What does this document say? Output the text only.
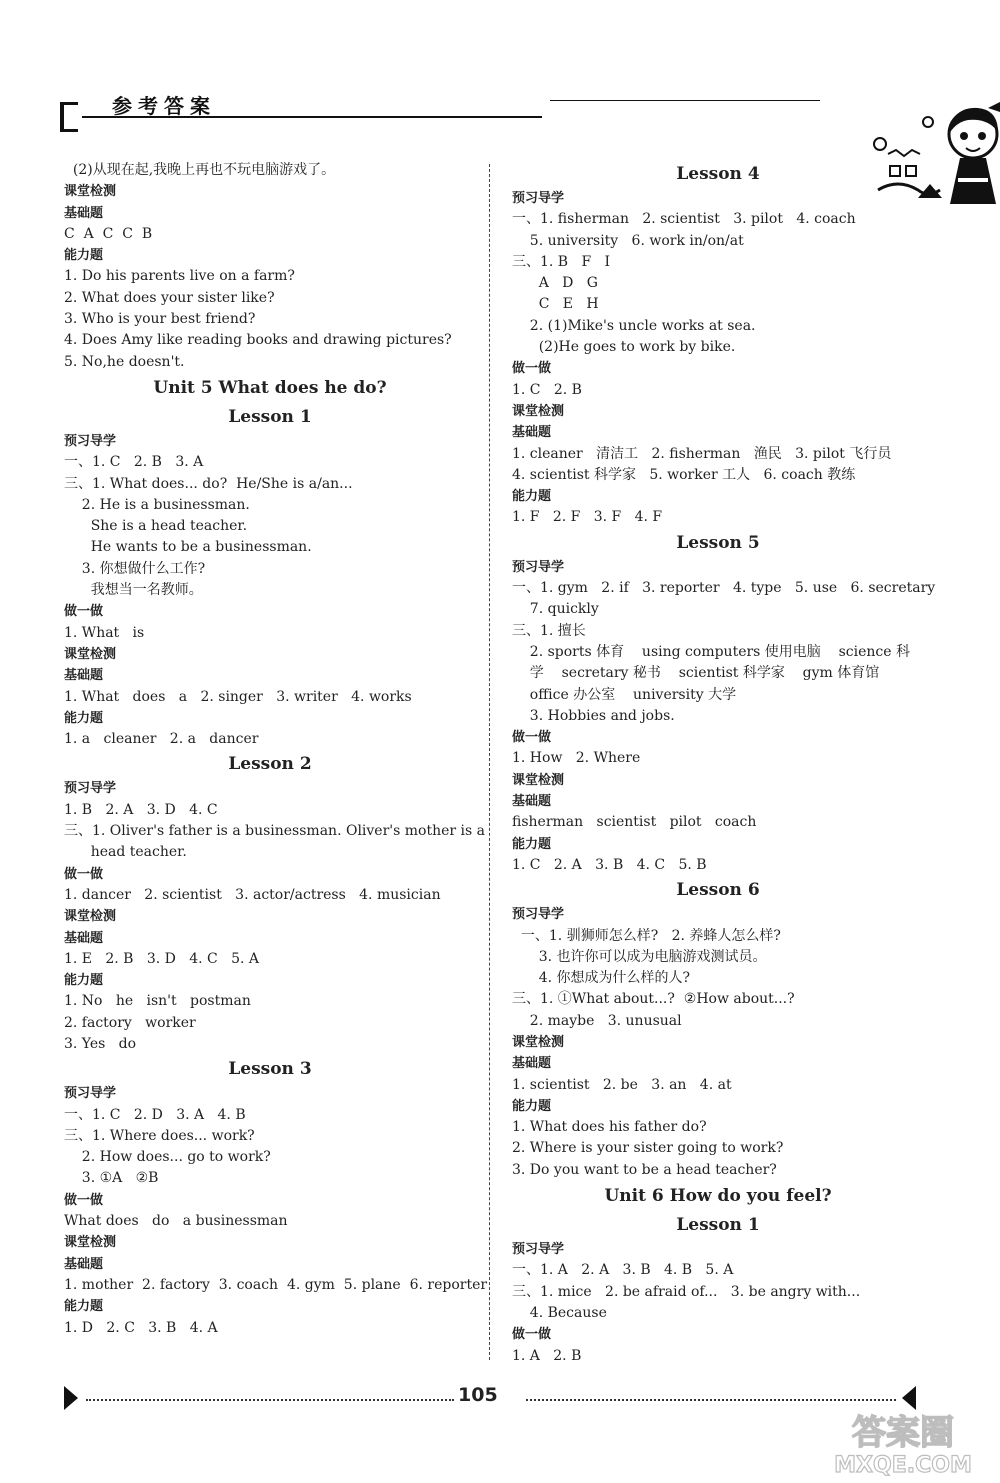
参考答案
(2)从现在起,我晚上再也不玩电脑游戏了。
课堂检测
基础题
C  A  C  C  B
能力题
1. Do his parents live on a farm?
2. What does your sister like?
3. Who is your best friend?
4. Does Amy like reading books and drawing pictures?
5. No,he doesn't.
Unit 5 What does he do?
Lesson 1
预习导学
一、1. C   2. B   3. A
三、1. What does... do?  He/She is a/an...
2. He is a businessman.
She is a head teacher.
He wants to be a businessman.
3. 你想做什么工作?
我想当一名教师。
做一做
1. What   is
课堂检测
基础题
1. What   does   a   2. singer   3. writer   4. works
能力题
1. a   cleaner   2. a   dancer
Lesson 2
预习导学
1. B   2. A   3. D   4. C
三、1. Oliver's father is a businessman. Oliver's mother is a
head teacher.
做一做
1. dancer   2. scientist   3. actor/actress   4. musician
课堂检测
基础题
1. E   2. B   3. D   4. C   5. A
能力题
1. No   he   isn't   postman
2. factory   worker
3. Yes   do
Lesson 3
预习导学
一、1. C   2. D   3. A   4. B
三、1. Where does... work?
2. How does... go to work?
3. ①A   ②B
做一做
What does   do   a businessman
课堂检测
基础题
1. mother  2. factory  3. coach  4. gym  5. plane  6. reporter
能力题
1. D   2. C   3. B   4. A
Lesson 4
预习导学
一、1. fisherman   2. scientist   3. pilot   4. coach
5. university   6. work in/on/at
三、1. B   F   I
A   D   G
C   E   H
2. (1)Mike's uncle works at sea.
(2)He goes to work by bike.
做一做
1. C   2. B
课堂检测
基础题
1. cleaner   清洁工   2. fisherman   渔民   3. pilot 飞行员
4. scientist 科学家   5. worker 工人   6. coach 教练
能力题
1. F   2. F   3. F   4. F
Lesson 5
预习导学
一、1. gym   2. if   3. reporter   4. type   5. use   6. secretary
7. quickly
三、1. 擅长
2. sports 体育    using computers 使用电脑    science 科
学    secretary 秘书    scientist 科学家    gym 体育馆
office 办公室    university 大学
3. Hobbies and jobs.
做一做
1. How   2. Where
课堂检测
基础题
fisherman   scientist   pilot   coach
能力题
1. C   2. A   3. B   4. C   5. B
Lesson 6
预习导学
一、1. 驯狮师怎么样?   2. 养蜂人怎么样?
3. 也许你可以成为电脑游戏测试员。
4. 你想成为什么样的人?
三、1. ①What about...?  ②How about...?
2. maybe   3. unusual
课堂检测
基础题
1. scientist   2. be   3. an   4. at
能力题
1. What does his father do?
2. Where is your sister going to work?
3. Do you want to be a head teacher?
Unit 6 How do you feel?
Lesson 1
预习导学
一、1. A   2. A   3. B   4. B   5. A
三、1. mice   2. be afraid of...   3. be angry with...
4. Because
做一做
1. A   2. B
105
答案圈
MXQE.COM
